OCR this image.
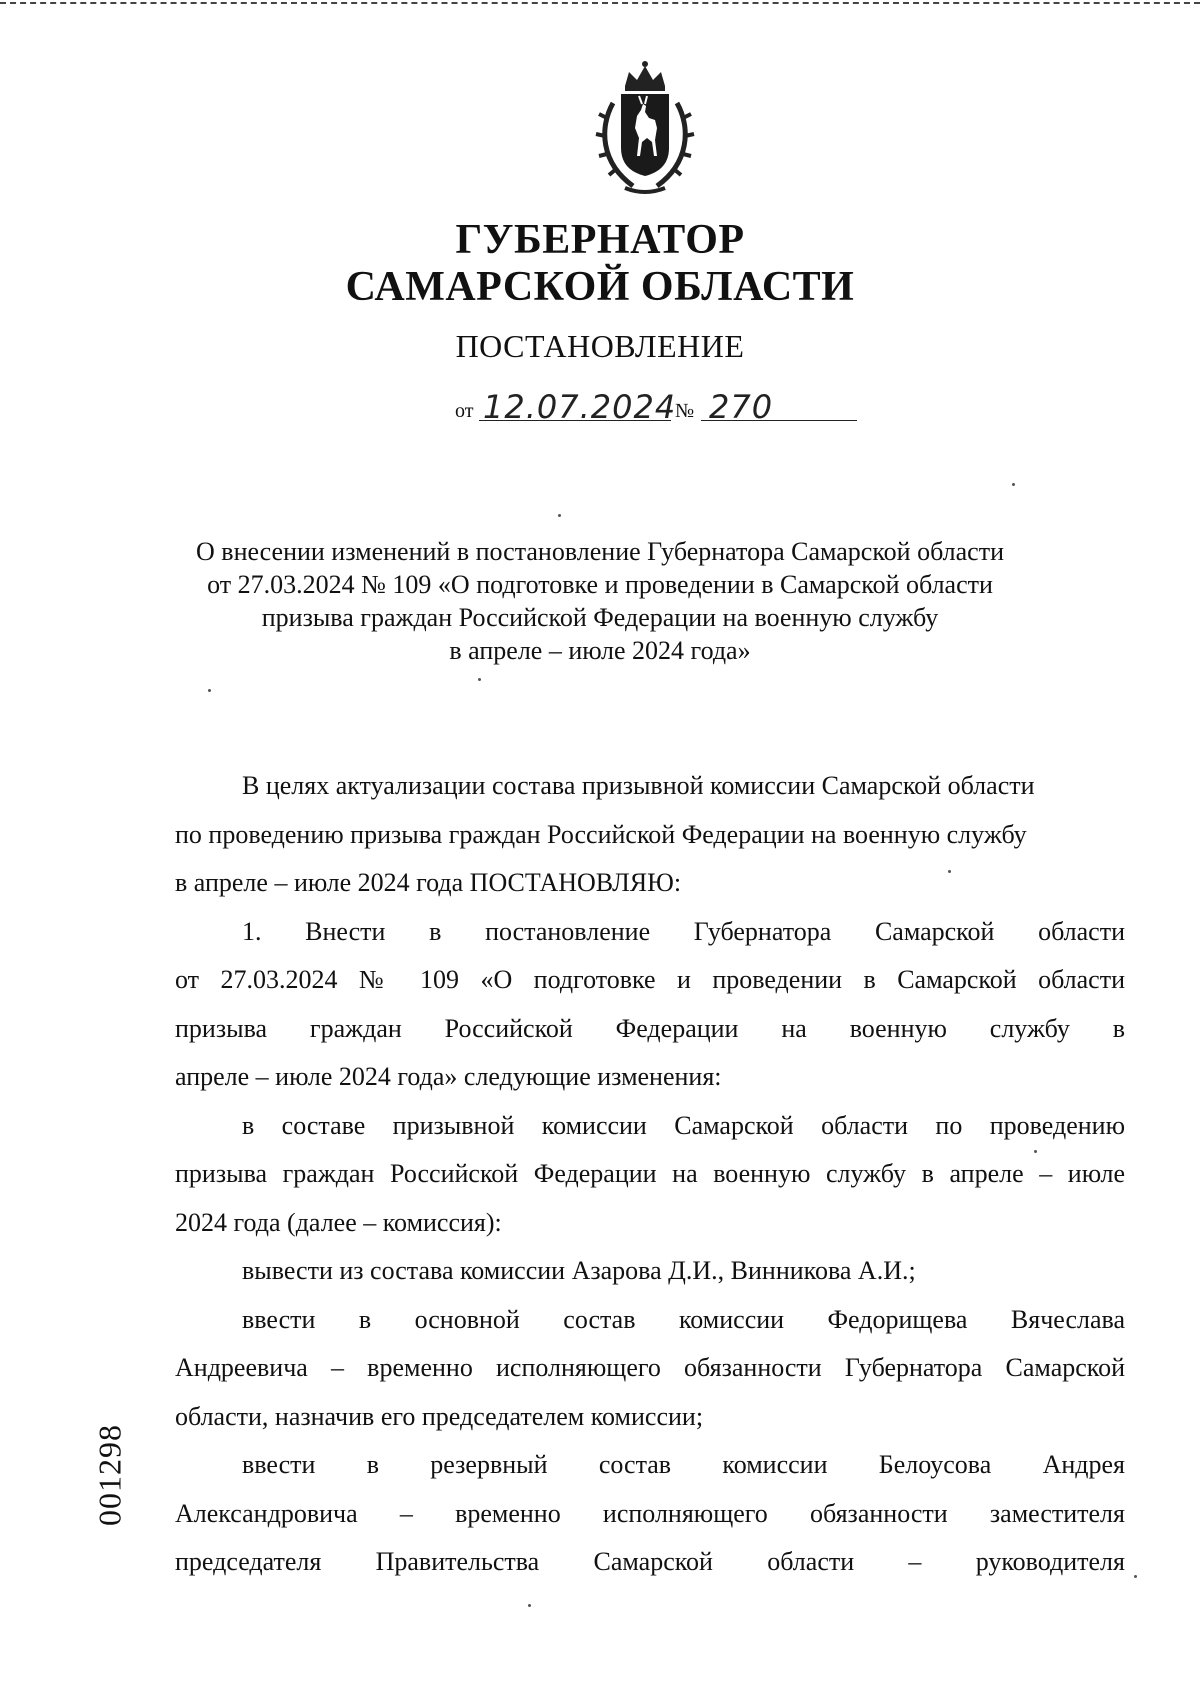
ГУБЕРНАТОР
САМАРСКОЙ ОБЛАСТИ
ПОСТАНОВЛЕНИЕ
от 12.07.2024
№ 270
О внесении изменений в постановление Губернатора Самарской области
от 27.03.2024 № 109 «О подготовке и проведении в Самарской области
призыва граждан Российской Федерации на военную службу
в апреле – июле 2024 года»
В целях актуализации состава призывной комиссии Самарской области
по проведению призыва граждан Российской Федерации на военную службу
в апреле – июле 2024 года ПОСТАНОВЛЯЮ:
1. Внести в постановление Губернатора Самарской области
от 27.03.2024 № 109 «О подготовке и проведении в Самарской области
призыва граждан Российской Федерации на военную службу в
апреле – июле 2024 года» следующие изменения:
в составе призывной комиссии Самарской области по проведению
призыва граждан Российской Федерации на военную службу в апреле – июле
2024 года (далее – комиссия):
вывести из состава комиссии Азарова Д.И., Винникова А.И.;
ввести в основной состав комиссии Федорищева Вячеслава
Андреевича – временно исполняющего обязанности Губернатора Самарской
области, назначив его председателем комиссии;
ввести в резервный состав комиссии Белоусова Андрея
Александровича – временно исполняющего обязанности заместителя
председателя Правительства Самарской области – руководителя
001298
